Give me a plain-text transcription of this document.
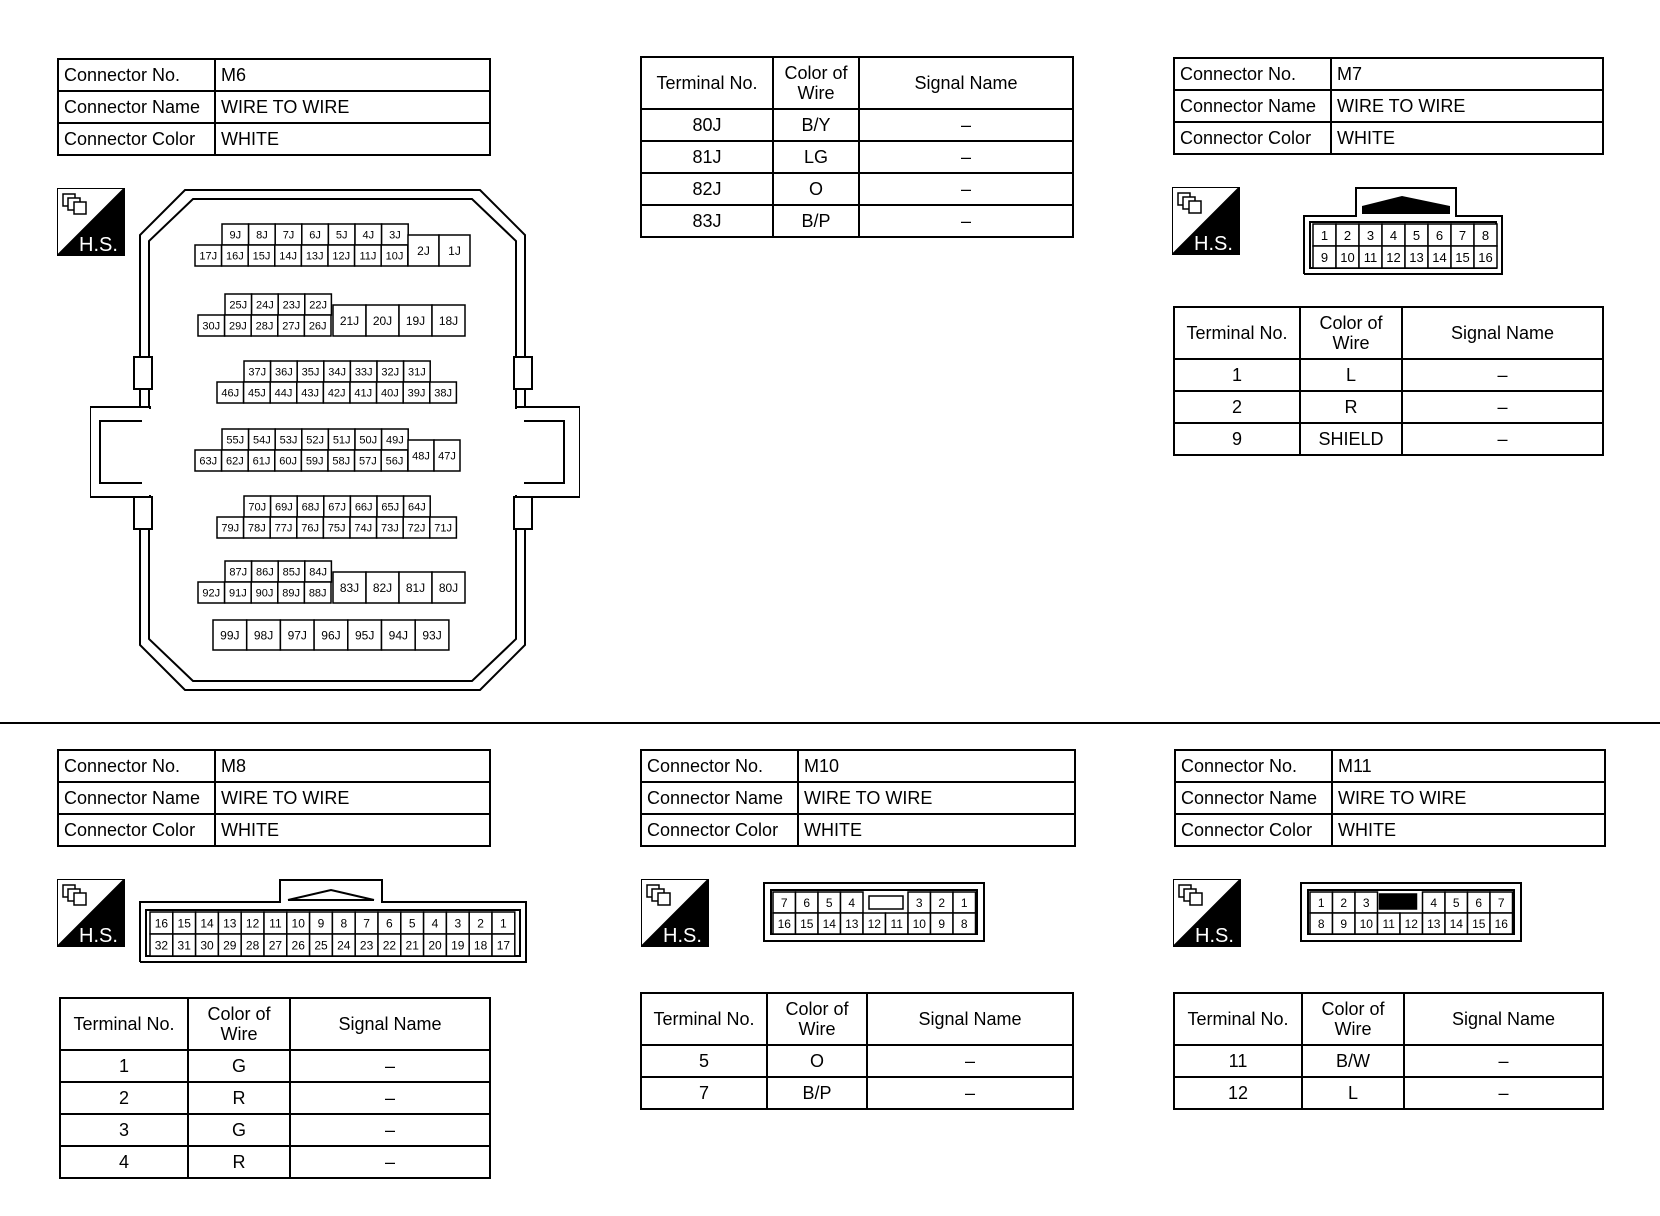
Connector No.	M6
Connector Name	WIRE TO WIRE
Connector Color	WHITE
H.S.	9J 8J 7J 6J 5J 4J 3J
17J 16J 15J 14J 13J 12J 11J 10J 2J 1J
25J 24J 23J 22J
30J 29J 28J 27J 26J 21J 20J 19J 18J
37J 36J 35J 34J 33J 32J 31J
46J 45J 44J 43J 42J 41J 40J 39J 38J
55J 54J 53J 52J 51J 50J 49J
63J 62J 61J 60J 59J 58J 57J 56J 48J 47J
70J 69J 68J 67J 66J 65J 64J
79J 78J 77J 76J 75J 74J 73J 72J 71J
87J 86J 85J 84J
92J 91J 90J 89J 88J 83J 82J 81J 80J
99J 98J 97J 96J 95J 94J 93J
Terminal No.	Color of Wire	Signal Name
80J	B/Y	–
81J	LG	–
82J	O	–
83J	B/P	–
Connector No.	M7
Connector Name	WIRE TO WIRE
Connector Color	WHITE
H.S.	1 2 3 4 5 6 7 8
9 10 11 12 13 14 15 16
Terminal No.	Color of Wire	Signal Name
1	L	–
2	R	–
9	SHIELD	–
Connector No.	M8
Connector Name	WIRE TO WIRE
Connector Color	WHITE
H.S.
16 15 14 13 12 11 10 9 8 7 6 5 4 3 2 1
32 31 30 29 28 27 26 25 24 23 22 21 20 19 18 17
Terminal No.	Color of Wire	Signal Name
1	G	–
2	R	–
3	G	–
4	R	–
Connector No.	M10
Connector Name	WIRE TO WIRE
Connector Color	WHITE
H.S.
7 6 5 4	3 2 1
16 15 14 13 12 11 10 9 8
Terminal No.	Color of Wire	Signal Name
5	O	–
7	B/P	–
Connector No.	M11
Connector Name	WIRE TO WIRE
Connector Color	WHITE
H.S.
1 2 3	4 5 6 7
8 9 10 11 12 13 14 15 16
Terminal No.	Color of Wire	Signal Name
11	B/W	–
12	L	–
